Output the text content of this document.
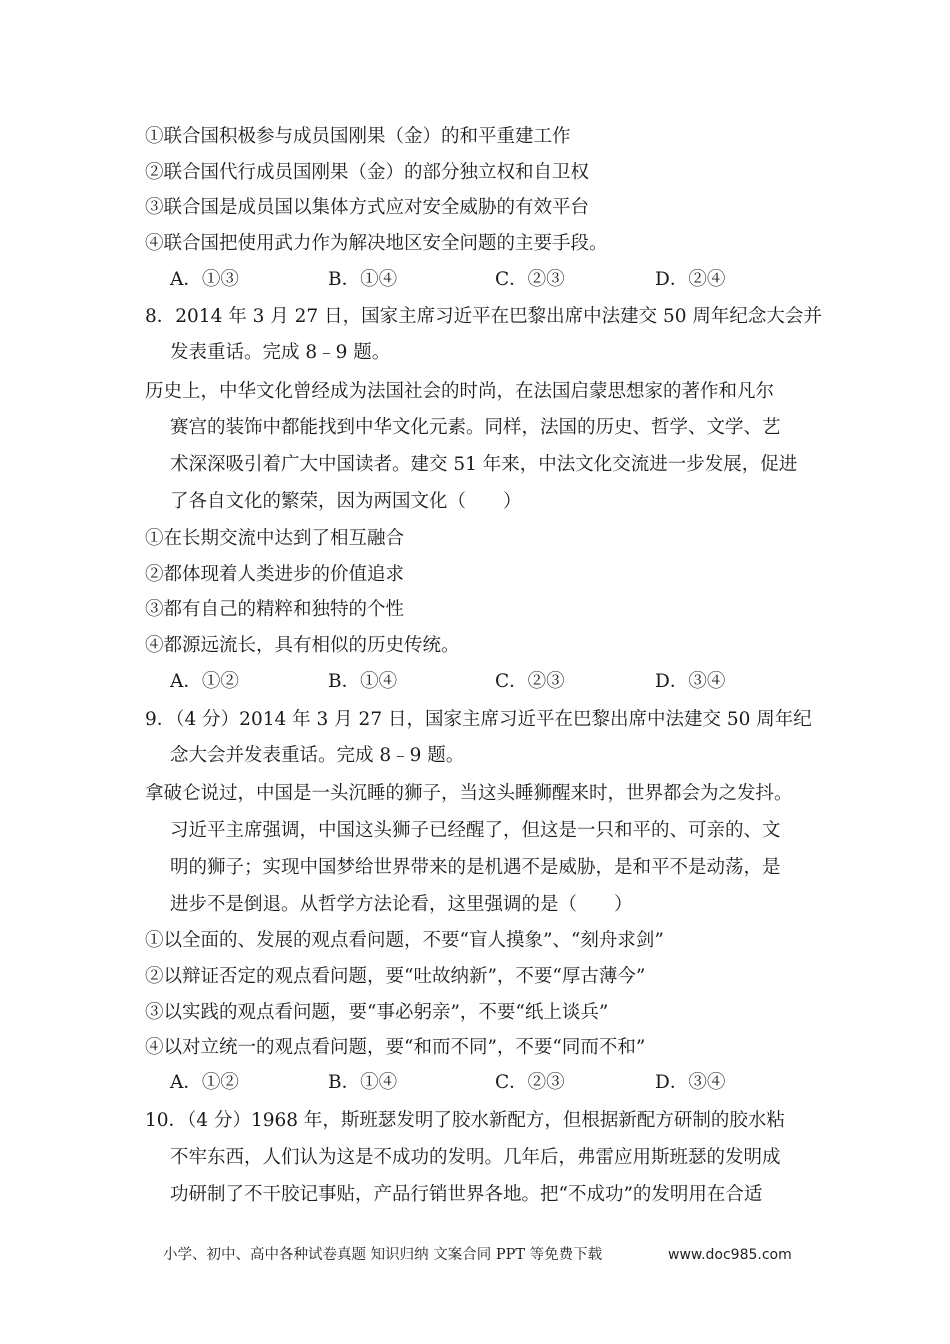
①联合国积极参与成员国刚果（金）的和平重建工作
②联合国代行成员国刚果（金）的部分独立权和自卫权
③联合国是成员国以集体方式应对安全威胁的有效平台
④联合国把使用武力作为解决地区安全问题的主要手段。
A．①③	B．①④	C．②③	D．②④
8．2014 年 3 月 27 日，国家主席习近平在巴黎出席中法建交 50 周年纪念大会并
发表重话。完成 8﹣9 题。
历史上，中华文化曾经成为法国社会的时尚，在法国启蒙思想家的著作和凡尔
赛宫的装饰中都能找到中华文化元素。同样，法国的历史、哲学、文学、艺
术深深吸引着广大中国读者。建交 51 年来，中法文化交流进一步发展，促进
了各自文化的繁荣，因为两国文化（　　）
①在长期交流中达到了相互融合
②都体现着人类进步的价值追求
③都有自己的精粹和独特的个性
④都源远流长，具有相似的历史传统。
A．①②	B．①④	C．②③	D．③④
9．（4 分）2014 年 3 月 27 日，国家主席习近平在巴黎出席中法建交 50 周年纪
念大会并发表重话。完成 8﹣9 题。
拿破仑说过，中国是一头沉睡的狮子，当这头睡狮醒来时，世界都会为之发抖。
习近平主席强调，中国这头狮子已经醒了，但这是一只和平的、可亲的、文
明的狮子；实现中国梦给世界带来的是机遇不是威胁，是和平不是动荡，是
进步不是倒退。从哲学方法论看，这里强调的是（　　）
①以全面的、发展的观点看问题，不要“盲人摸象”、“刻舟求剑”
②以辩证否定的观点看问题，要“吐故纳新”，不要“厚古薄今”
③以实践的观点看问题，要“事必躬亲”，不要“纸上谈兵”
④以对立统一的观点看问题，要“和而不同”，不要“同而不和”
A．①②	B．①④	C．②③	D．③④
10．（4 分）1968 年，斯班瑟发明了胶水新配方，但根据新配方研制的胶水粘
不牢东西，人们认为这是不成功的发明。几年后，弗雷应用斯班瑟的发明成
功研制了不干胶记事贴，产品行销世界各地。把“不成功”的发明用在合适
小学、初中、高中各种试卷真题 知识归纳 文案合同 PPT 等免费下载	www.doc985.com
